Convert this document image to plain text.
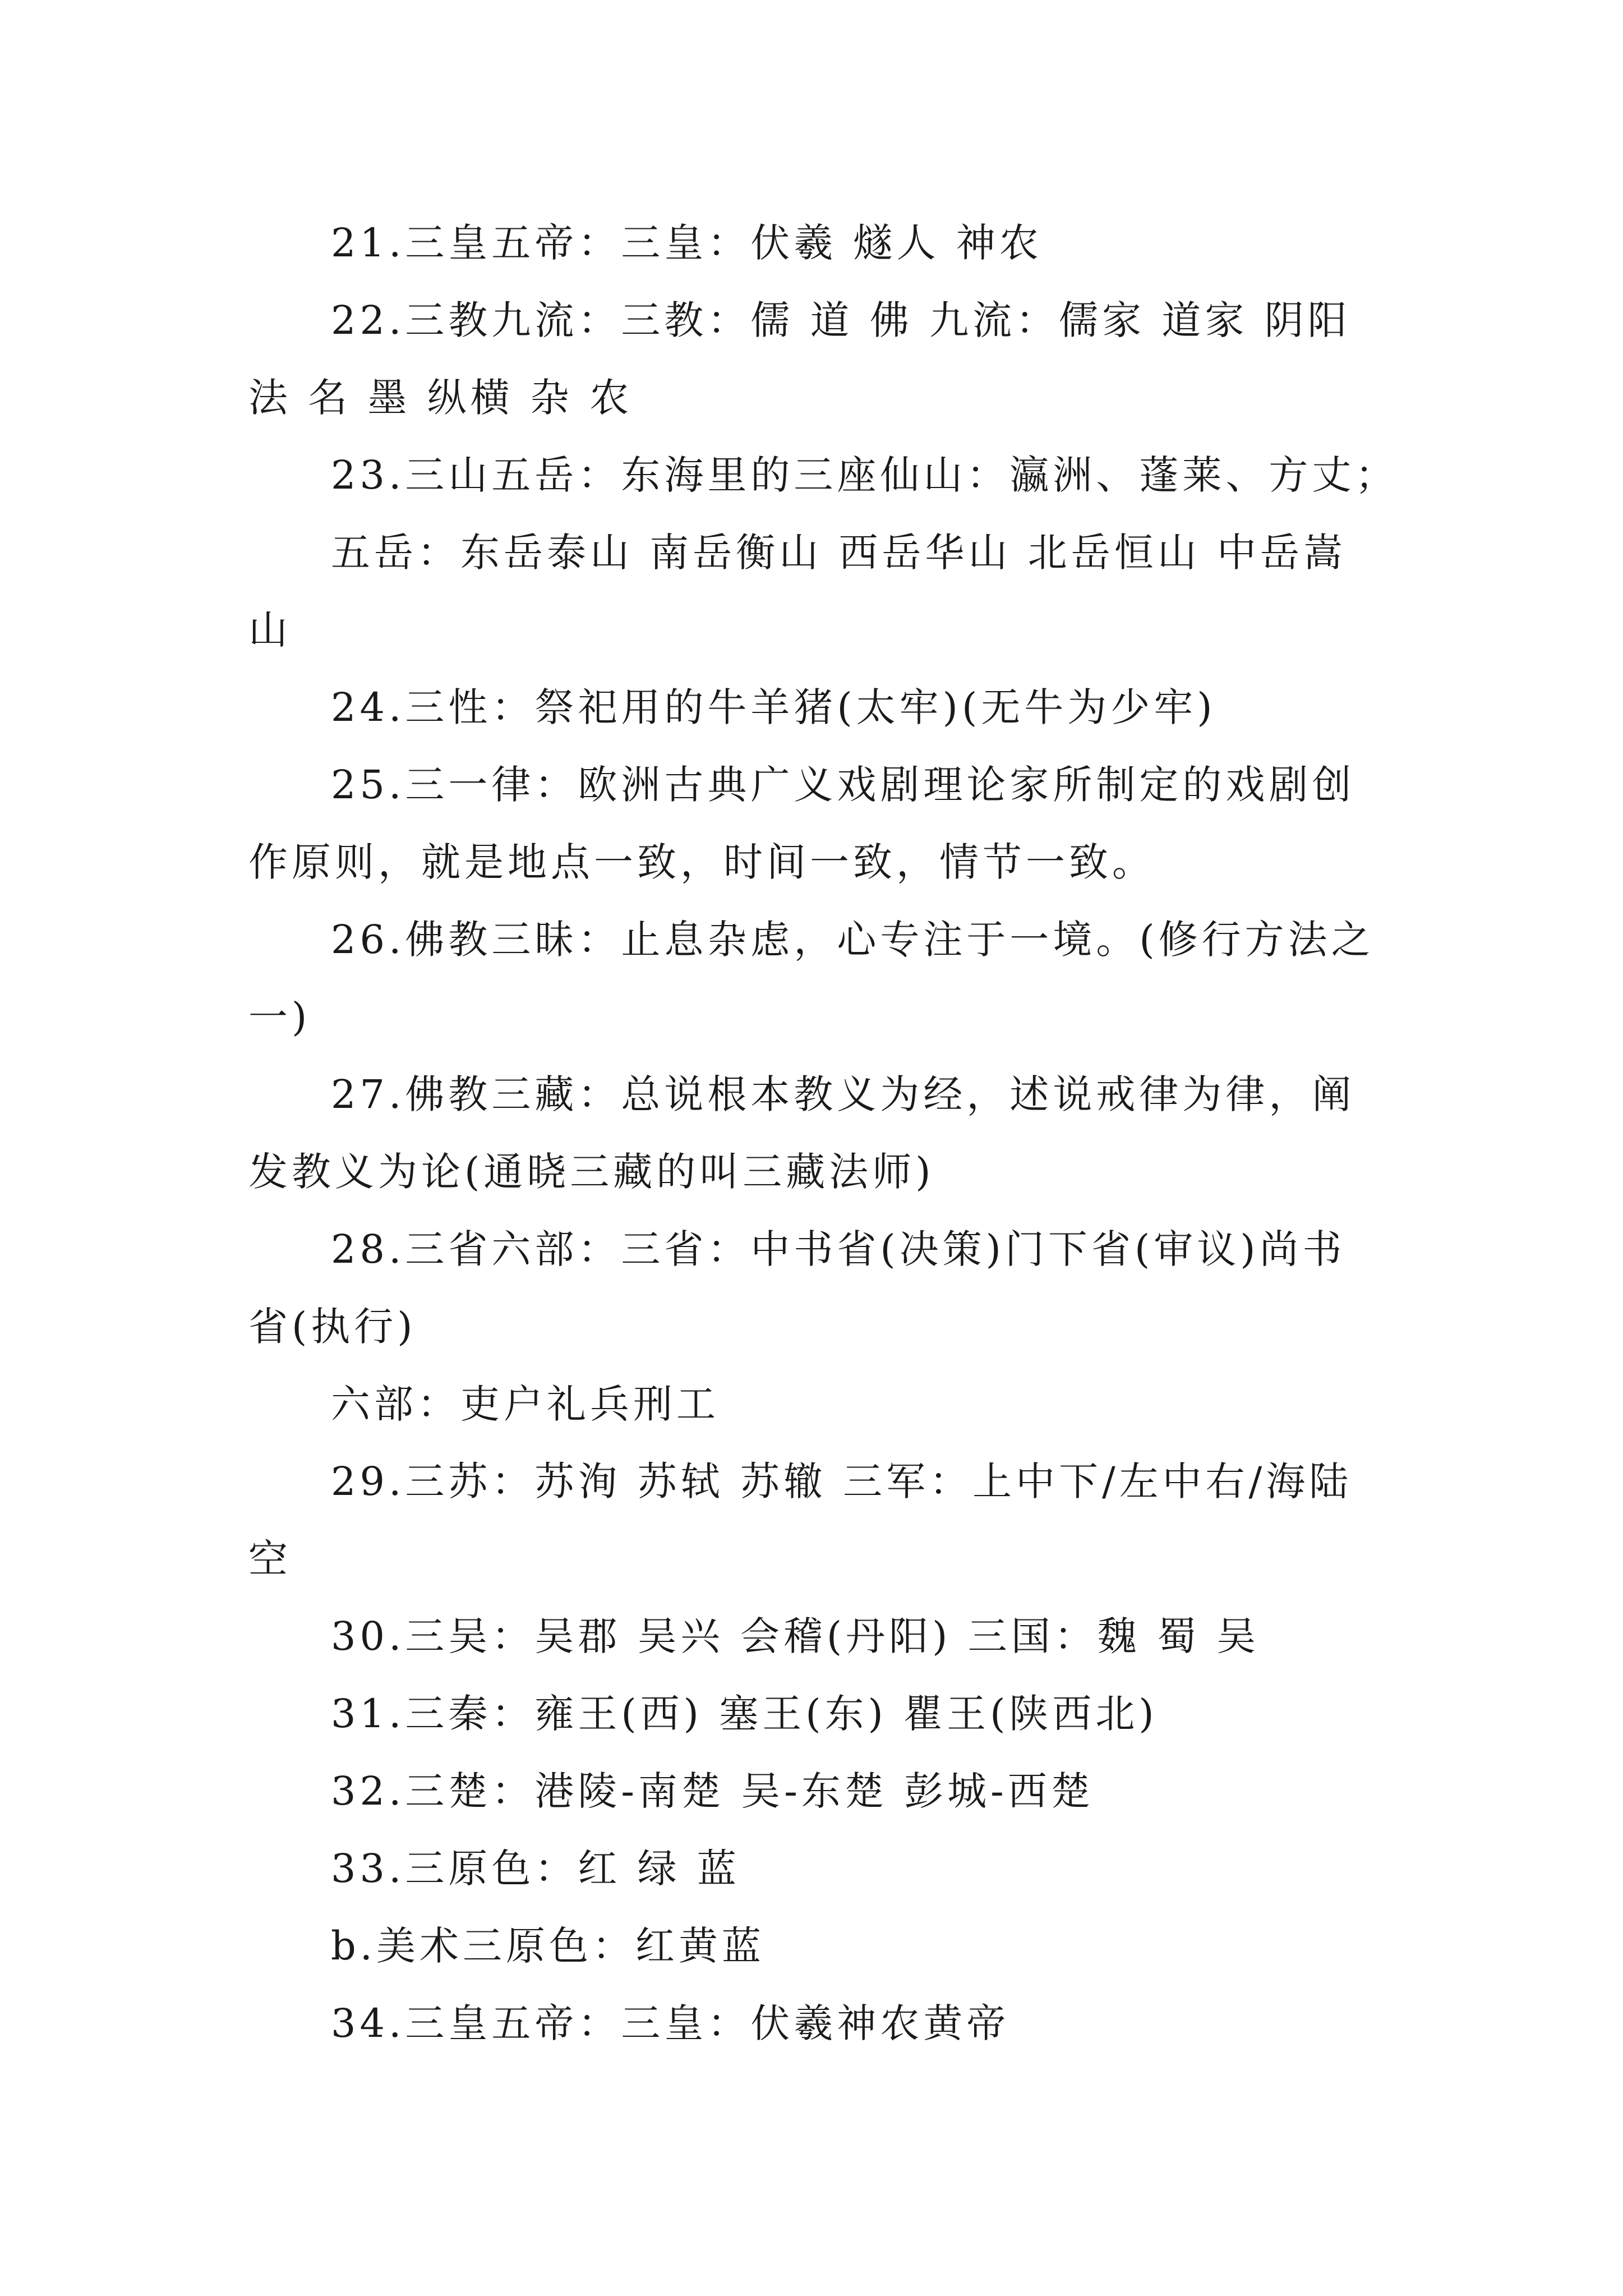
21.三皇五帝：三皇：伏羲 燧人 神农

22.三教九流：三教：儒 道 佛 九流：儒家 道家 阴阳

法 名 墨 纵横 杂 农

23.三山五岳：东海里的三座仙山：瀛洲、蓬莱、方丈；

五岳：东岳泰山 南岳衡山 西岳华山 北岳恒山 中岳嵩

山

24.三性：祭祀用的牛羊猪(太牢)(无牛为少牢)

25.三一律：欧洲古典广义戏剧理论家所制定的戏剧创

作原则，就是地点一致，时间一致，情节一致。

26.佛教三昧：止息杂虑，心专注于一境。(修行方法之

一)

27.佛教三藏：总说根本教义为经，述说戒律为律，阐

发教义为论(通晓三藏的叫三藏法师)

28.三省六部：三省：中书省(决策)门下省(审议)尚书

省(执行)

六部：吏户礼兵刑工

29.三苏：苏洵 苏轼 苏辙 三军：上中下/左中右/海陆

空

30.三吴：吴郡 吴兴 会稽(丹阳) 三国：魏 蜀 吴

31.三秦：雍王(西) 塞王(东) 瞿王(陕西北)

32.三楚：港陵-南楚 吴-东楚 彭城-西楚

33.三原色：红 绿 蓝

b.美术三原色：红黄蓝

34.三皇五帝：三皇：伏羲神农黄帝
